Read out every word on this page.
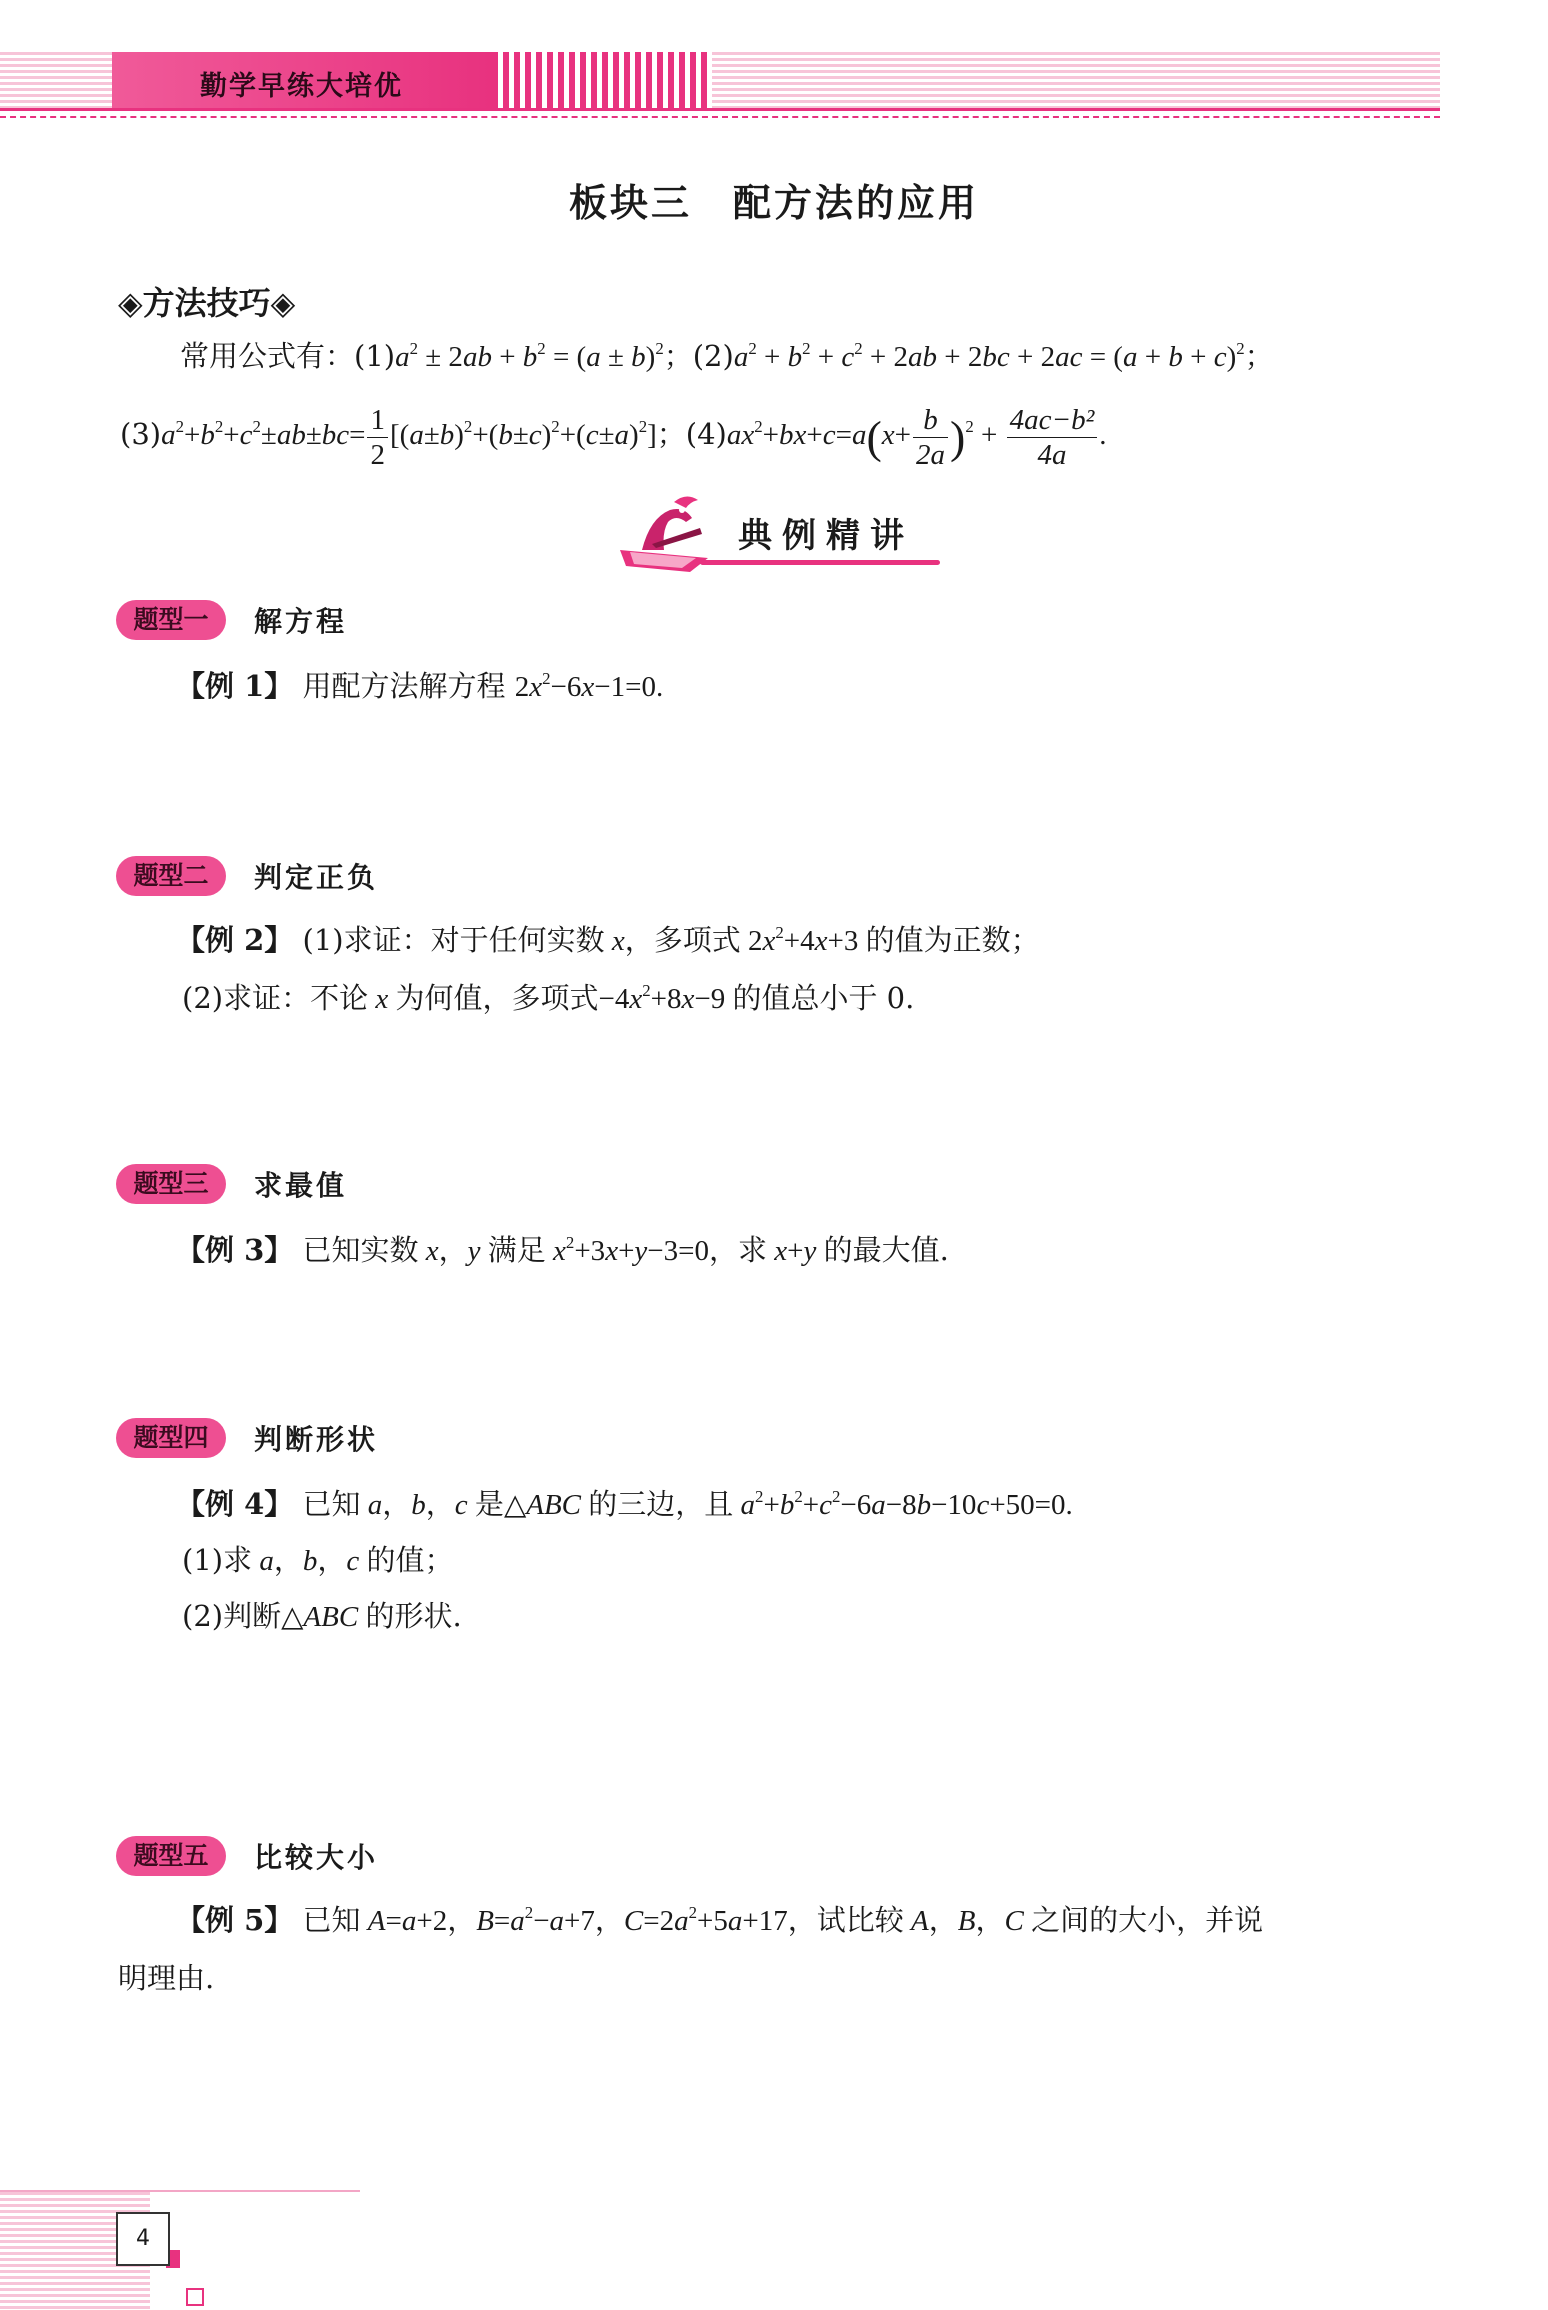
勤学早练大培优
板块三　配方法的应用
◈方法技巧◈
常用公式有：$(1)a^2 \pm 2ab + b^2 = (a \pm b)^2$；$(2)a^2 + b^2 + c^2 + 2ab + 2bc + 2ac = (a + b + c)^2$；
$(3)a^2+b^2+c^2\pm ab\pm bc= \frac{1}{2} [(a\pm b)^2+(b\pm c)^2+(c\pm a)^2]$；$(4)ax^2+bx+c=a(x+ \frac{b}{2a} )^2 + \frac{\text{4ac−b²}}{4a}$ .
典例精讲
题型一 解方程
【例 1】 用配方法解方程 $2x^2-6x-1=0$.
题型二 判定正负
【例 2】 (1)求证：对于任何实数 x，多项式 $2x^2+4x+3$ 的值为正数；
(2)求证：不论 x 为何值，多项式$-4x^2+8x-9$ 的值总小于 0.
题型三 求最值
【例 3】 已知实数 x，y 满足 $x^2+3x+y-3=0$，求 x+y 的最大值.
题型四 判断形状
【例 4】 已知 a，b，c 是△ABC 的三边，且 $a^2+b^2+c^2-6a-8b-10c+50=0$.
(1)求 a，b，c 的值；
(2)判断△ABC 的形状.
题型五 比较大小
【例 5】 已知 A=a+2，$B=a^2-a+7$，$C=2a^2+5a+17$，试比较 A，B，C 之间的大小，并说
明理由.
4
